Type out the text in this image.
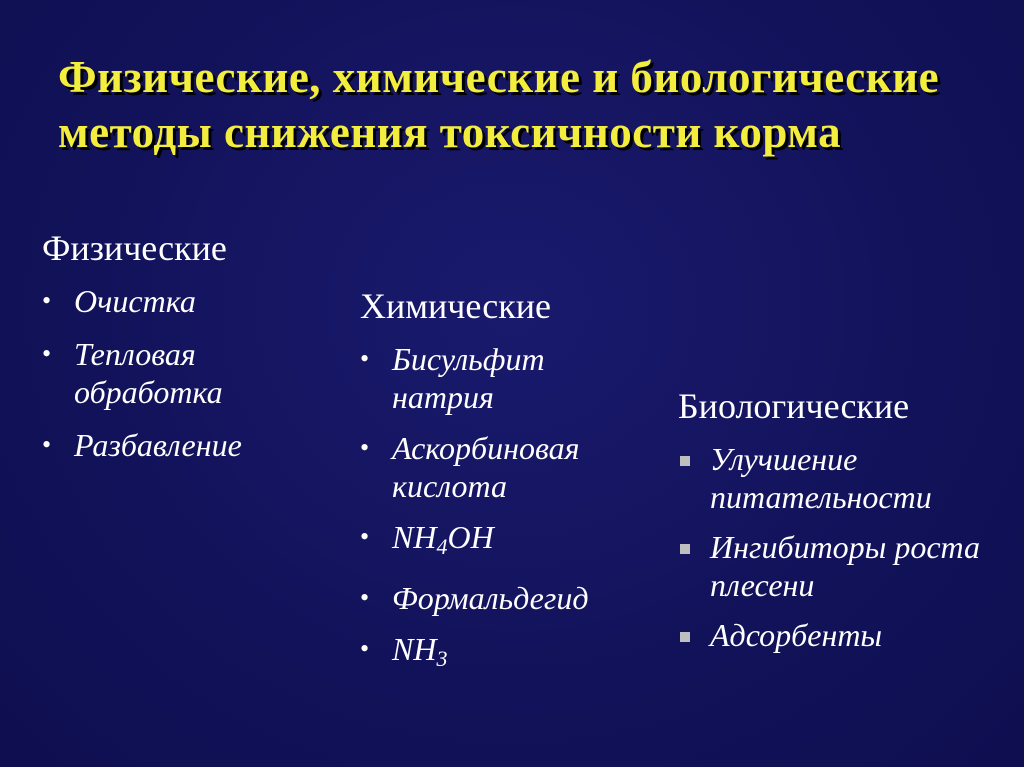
Физические, химические и биологические методы снижения токсичности корма
Физические
• Очистка
• Тепловая обработка
• Разбавление
Химические
• Бисульфит натрия
• Аскорбиновая кислота
• $NH_4OH$
• Формальдегид
• $NH_3$
Биологические
Улучшение питательности
Ингибиторы роста плесени
Адсорбенты
